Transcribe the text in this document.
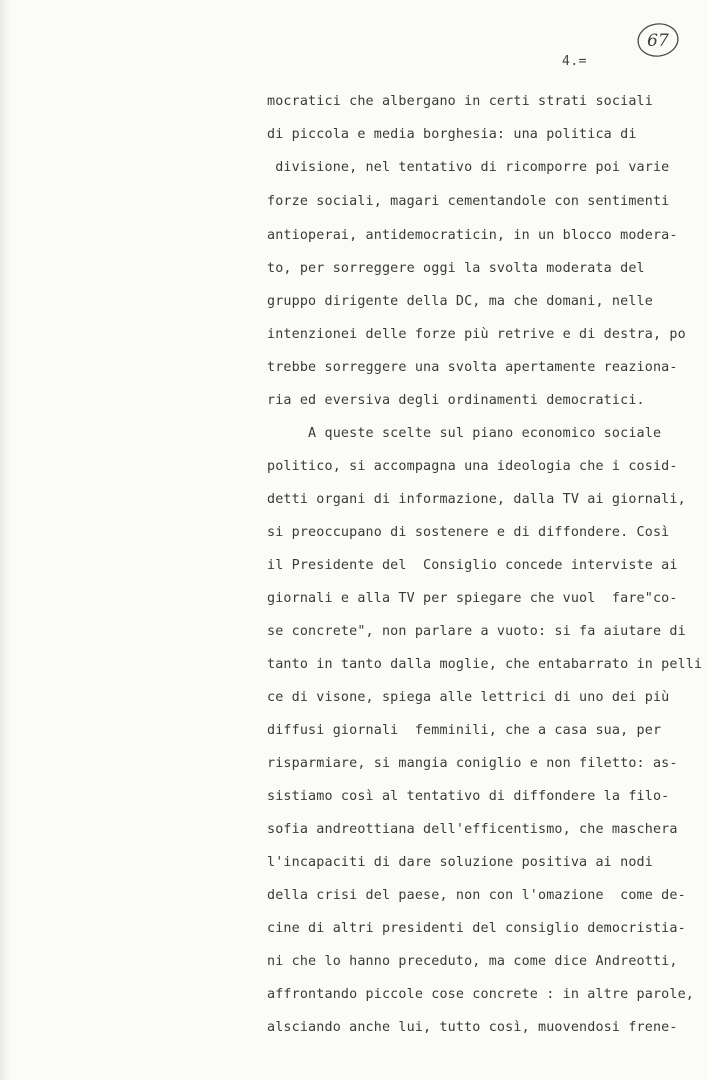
67
4.=
mocratici che albergano in certi strati sociali
di piccola e media borghesia: una politica di
divisione, nel tentativo di ricomporre poi varie
forze sociali, magari cementandole con sentimenti
antioperai, antidemocraticin, in un blocco modera-
to, per sorreggere oggi la svolta moderata del
gruppo dirigente della DC, ma che domani, nelle
intenzionei delle forze più retrive e di destra, po
trebbe sorreggere una svolta apertamente reaziona-
ria ed eversiva degli ordinamenti democratici.
A queste scelte sul piano economico sociale
politico, si accompagna una ideologia che i cosid-
detti organi di informazione, dalla TV ai giornali,
si preoccupano di sostenere e di diffondere. Così
il Presidente del  Consiglio concede interviste ai
giornali e alla TV per spiegare che vuol  fare"co-
se concrete", non parlare a vuoto: si fa aiutare di
tanto in tanto dalla moglie, che entabarrato in pelli
ce di visone, spiega alle lettrici di uno dei più
diffusi giornali  femminili, che a casa sua, per
risparmiare, si mangia coniglio e non filetto: as-
sistiamo così al tentativo di diffondere la filo-
sofia andreottiana dell'efficentismo, che maschera
l'incapaciti di dare soluzione positiva ai nodi
della crisi del paese, non con l'omazione  come de-
cine di altri presidenti del consiglio democristia-
ni che lo hanno preceduto, ma come dice Andreotti,
affrontando piccole cose concrete : in altre parole,
alsciando anche lui, tutto così, muovendosi frene-
